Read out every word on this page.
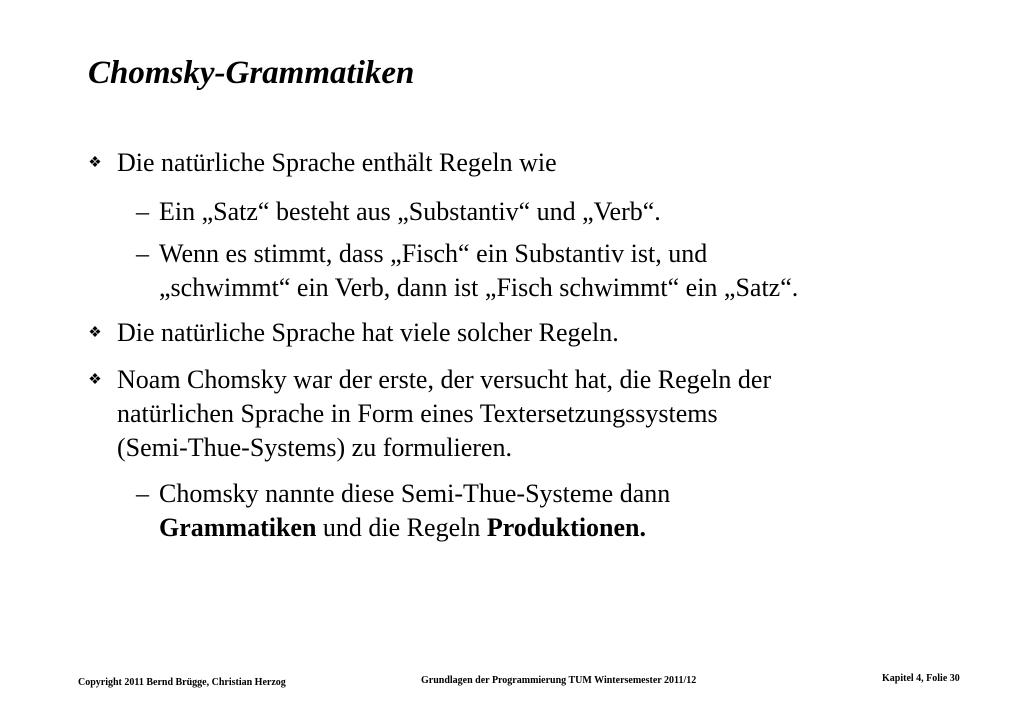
Chomsky-Grammatiken
❖ Die natürliche Sprache enthält Regeln wie
– Ein „Satz“ besteht aus „Substantiv“ und „Verb“.
– Wenn es stimmt, dass „Fisch“ ein Substantiv ist, und
„schwimmt“ ein Verb, dann ist „Fisch schwimmt“ ein „Satz“.
❖ Die natürliche Sprache hat viele solcher Regeln.
❖ Noam Chomsky war der erste, der versucht hat, die Regeln der
natürlichen Sprache in Form eines Textersetzungssystems
(Semi-Thue-Systems) zu formulieren.
– Chomsky nannte diese Semi-Thue-Systeme dann
Grammatiken und die Regeln Produktionen.
Copyright 2011 Bernd Brügge, Christian Herzog	Grundlagen der Programmierung TUM Wintersemester 2011/12	Kapitel 4, Folie 30
